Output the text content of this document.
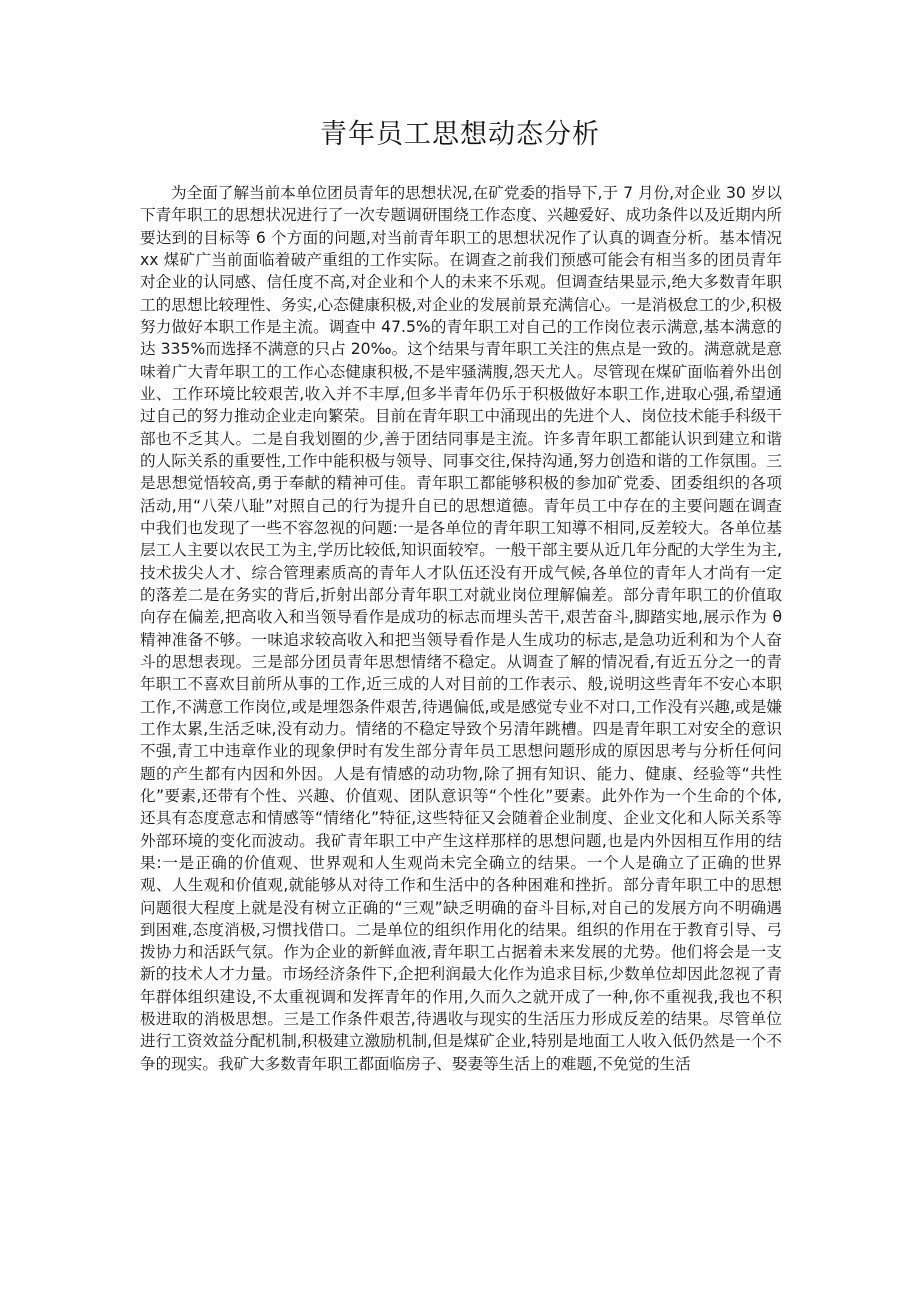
青年员工思想动态分析

为全面了解当前本单位团员青年的思想状况,在矿党委的指导下,于 7 月份,对企业 30 岁以下青年职工的思想状况进行了一次专题调研围绕工作态度、兴趣爱好、成功条件以及近期内所要达到的目标等 6 个方面的问题,对当前青年职工的思想状况作了认真的调查分析。基本情况 xx 煤矿广当前面临着破产重组的工作实际。在调查之前我们预感可能会有相当多的团员青年对企业的认同感、信任度不高,对企业和个人的未来不乐观。但调查结果显示,绝大多数青年职工的思想比较理性、务实,心态健康积极,对企业的发展前景充满信心。一是消极怠工的少,积极努力做好本职工作是主流。调查中 47.5%的青年职工对自己的工作岗位表示满意,基本满意的达 335%而选择不满意的只占 20‰。这个结果与青年职工关注的焦点是一致的。满意就是意味着广大青年职工的工作心态健康积极,不是牢骚满腹,怨天尤人。尽管现在煤矿面临着外出创业、工作环境比较艰苦,收入并不丰厚,但多半青年仍乐于积极做好本职工作,进取心强,希望通过自己的努力推动企业走向繁荣。目前在青年职工中涌现出的先进个人、岗位技术能手科级干部也不乏其人。二是自我划圈的少,善于团结同事是主流。许多青年职工都能认识到建立和谐的人际关系的重要性,工作中能积极与领导、同事交往,保持沟通,努力创造和谐的工作氛围。三是思想觉悟较高,勇于奉献的精神可佳。青年职工都能够积极的参加矿党委、团委组织的各项活动,用“八荣八耻”对照自己的行为提升自已的思想道德。青年员工中存在的主要问题在调查中我们也发现了一些不容忽视的问题:一是各单位的青年职工知導不相同,反差较大。各单位基层工人主要以农民工为主,学历比较低,知识面较窄。一般干部主要从近几年分配的大学生为主,技术拔尖人才、综合管理素质高的青年人才队伍还没有开成气候,各单位的青年人才尚有一定的落差二是在务实的背后,折射出部分青年职工对就业岗位理解偏差。部分青年职工的价值取向存在偏差,把高收入和当领导看作是成功的标志而埋头苦干,艰苦奋斗,脚踏实地,展示作为 θ 精神准备不够。一味追求较高收入和把当领导看作是人生成功的标志,是急功近利和为个人奋斗的思想表现。三是部分团员青年思想情绪不稳定。从调查了解的情况看,有近五分之一的青年职工不喜欢目前所从事的工作,近三成的人对目前的工作表示、般,说明这些青年不安心本职工作,不满意工作岗位,或是埋怨条件艰苦,待遇偏低,或是感觉专业不对口,工作没有兴趣,或是嫌工作太累,生活乏味,没有动力。情绪的不稳定导致个另清年跳槽。四是青年职工对安全的意识不强,青工中违章作业的现象伊时有发生部分青年员工思想问题形成的原因思考与分析任何问题的产生都有内因和外因。人是有情感的动功物,除了拥有知识、能力、健康、经验等“共性化”要素,还带有个性、兴趣、价值观、团队意识等“个性化”要素。此外作为一个生命的个体,还具有态度意志和情感等“情绪化”特征,这些特征又会随着企业制度、企业文化和人际关系等外部环境的变化而波动。我矿青年职工中产生这样那样的思想问题,也是内外因相互作用的结果:一是正确的价值观、世界观和人生观尚未完全确立的结果。一个人是确立了正确的世界观、人生观和价值观,就能够从对待工作和生活中的各种困难和挫折。部分青年职工中的思想问题很大程度上就是没有树立正确的“三观”缺乏明确的奋斗目标,对自己的发展方向不明确遇到困难,态度消极,习惯找借口。二是单位的组织作用化的结果。组织的作用在于教育引导、弓拨协力和活跃气氛。作为企业的新鲜血液,青年职工占据着未来发展的尤势。他们将会是一支新的技术人才力量。市场经济条件下,企把利润最大化作为追求目标,少数单位却因此忽视了青年群体组织建设,不太重视调和发挥青年的作用,久而久之就开成了一种,你不重视我,我也不积极进取的消极思想。三是工作条件艰苦,待遇收与现实的生活压力形成反差的结果。尽管单位进行工资效益分配机制,积极建立激励机制,但是煤矿企业,特别是地面工人收入低仍然是一个不争的现实。我矿大多数青年职工都面临房子、娶妻等生活上的难题,不免觉的生活
